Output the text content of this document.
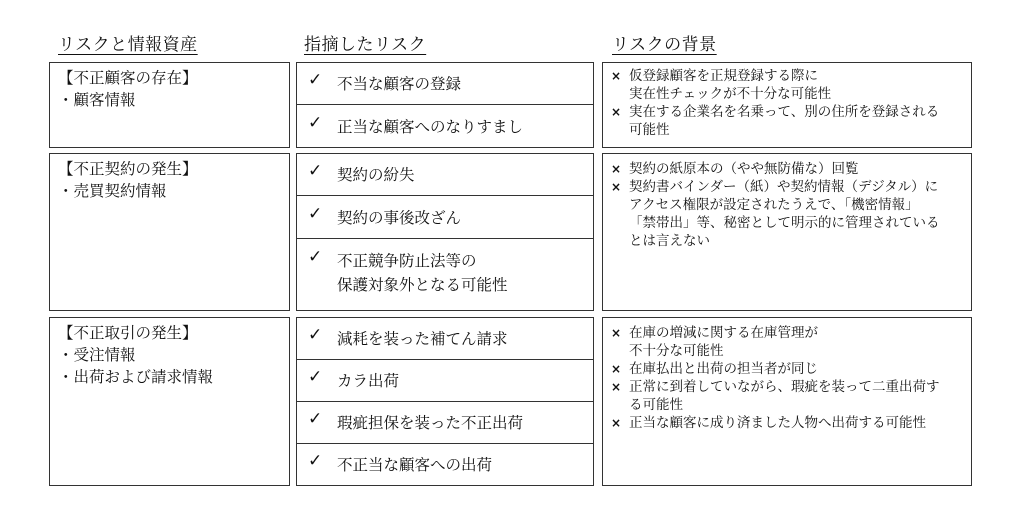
リスクと情報資産	指摘したリスク	リスクの背景
【不正顧客の存在】
・顧客情報
✓ 不当な顧客の登録
✓ 正当な顧客へのなりすまし
× 仮登録顧客を正規登録する際に
実在性チェックが不十分な可能性
× 実在する企業名を名乗って、別の住所を登録される
可能性
【不正契約の発生】
・売買契約情報
✓ 契約の紛失
✓ 契約の事後改ざん
✓ 不正競争防止法等の
保護対象外となる可能性
× 契約の紙原本の（やや無防備な）回覧
× 契約書バインダー（紙）や契約情報（デジタル）に
アクセス権限が設定されたうえで、「機密情報」
「禁帯出」等、秘密として明示的に管理されている
とは言えない
【不正取引の発生】
・受注情報
・出荷および請求情報
✓ 減耗を装った補てん請求
✓ カラ出荷
✓ 瑕疵担保を装った不正出荷
✓ 不正当な顧客への出荷
× 在庫の増減に関する在庫管理が
不十分な可能性
× 在庫払出と出荷の担当者が同じ
× 正常に到着していながら、瑕疵を装って二重出荷す
る可能性
× 正当な顧客に成り済ました人物へ出荷する可能性
